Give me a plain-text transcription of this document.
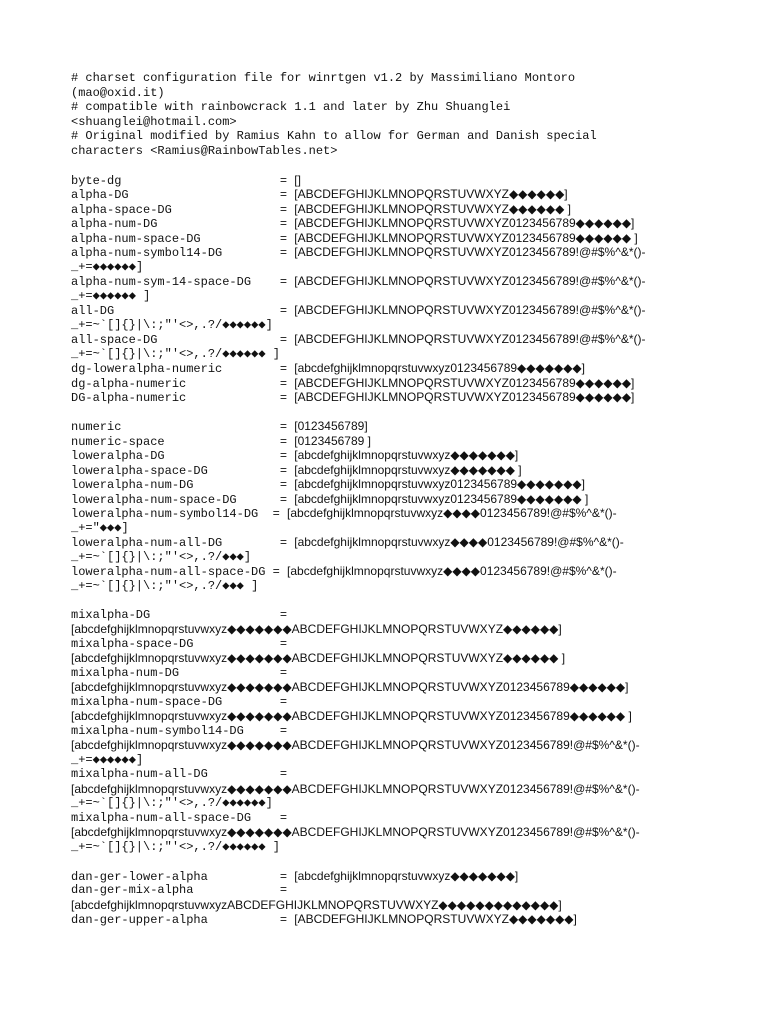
# charset configuration file for winrtgen v1.2 by Massimiliano Montoro
(mao@oxid.it)
# compatible with rainbowcrack 1.1 and later by Zhu Shuanglei
<shuanglei@hotmail.com>
# Original modified by Ramius Kahn to allow for German and Danish special
characters <Ramius@RainbowTables.net>
byte-dg                      = []
alpha-DG                     = [ABCDEFGHIJKLMNOPQRSTUVWXYZ◆◆◆◆◆◆]
alpha-space-DG               = [ABCDEFGHIJKLMNOPQRSTUVWXYZ◆◆◆◆◆◆ ]
alpha-num-DG                 = [ABCDEFGHIJKLMNOPQRSTUVWXYZ0123456789◆◆◆◆◆◆]
alpha-num-space-DG           = [ABCDEFGHIJKLMNOPQRSTUVWXYZ0123456789◆◆◆◆◆◆ ]
alpha-num-symbol14-DG        = [ABCDEFGHIJKLMNOPQRSTUVWXYZ0123456789!@#$%^&*()-
_+=◆◆◆◆◆◆]
alpha-num-sym-14-space-DG    = [ABCDEFGHIJKLMNOPQRSTUVWXYZ0123456789!@#$%^&*()-
_+=◆◆◆◆◆◆ ]
all-DG                       = [ABCDEFGHIJKLMNOPQRSTUVWXYZ0123456789!@#$%^&*()-
_+=~`[]{}|\:;"'<>,.?/◆◆◆◆◆◆]
all-space-DG                 = [ABCDEFGHIJKLMNOPQRSTUVWXYZ0123456789!@#$%^&*()-
_+=~`[]{}|\:;"'<>,.?/◆◆◆◆◆◆ ]
dg-loweralpha-numeric        = [abcdefghijklmnopqrstuvwxyz0123456789◆◆◆◆◆◆◆]
dg-alpha-numeric             = [ABCDEFGHIJKLMNOPQRSTUVWXYZ0123456789◆◆◆◆◆◆]
DG-alpha-numeric             = [ABCDEFGHIJKLMNOPQRSTUVWXYZ0123456789◆◆◆◆◆◆]
numeric                      = [0123456789]
numeric-space                = [0123456789 ]
loweralpha-DG                = [abcdefghijklmnopqrstuvwxyz◆◆◆◆◆◆◆]
loweralpha-space-DG          = [abcdefghijklmnopqrstuvwxyz◆◆◆◆◆◆◆ ]
loweralpha-num-DG            = [abcdefghijklmnopqrstuvwxyz0123456789◆◆◆◆◆◆◆]
loweralpha-num-space-DG      = [abcdefghijklmnopqrstuvwxyz0123456789◆◆◆◆◆◆◆ ]
loweralpha-num-symbol14-DG  = [abcdefghijklmnopqrstuvwxyz◆◆◆◆0123456789!@#$%^&*()-
_+="◆◆◆]
loweralpha-num-all-DG        = [abcdefghijklmnopqrstuvwxyz◆◆◆◆0123456789!@#$%^&*()-
_+=~`[]{}|\:;"'<>,.?/◆◆◆]
loweralpha-num-all-space-DG = [abcdefghijklmnopqrstuvwxyz◆◆◆◆0123456789!@#$%^&*()-
_+=~`[]{}|\:;"'<>,.?/◆◆◆ ]
mixalpha-DG                  =
[abcdefghijklmnopqrstuvwxyz◆◆◆◆◆◆◆ABCDEFGHIJKLMNOPQRSTUVWXYZ◆◆◆◆◆◆]
mixalpha-space-DG            =
[abcdefghijklmnopqrstuvwxyz◆◆◆◆◆◆◆ABCDEFGHIJKLMNOPQRSTUVWXYZ◆◆◆◆◆◆ ]
mixalpha-num-DG              =
[abcdefghijklmnopqrstuvwxyz◆◆◆◆◆◆◆ABCDEFGHIJKLMNOPQRSTUVWXYZ0123456789◆◆◆◆◆◆]
mixalpha-num-space-DG        =
[abcdefghijklmnopqrstuvwxyz◆◆◆◆◆◆◆ABCDEFGHIJKLMNOPQRSTUVWXYZ0123456789◆◆◆◆◆◆ ]
mixalpha-num-symbol14-DG     =
[abcdefghijklmnopqrstuvwxyz◆◆◆◆◆◆◆ABCDEFGHIJKLMNOPQRSTUVWXYZ0123456789!@#$%^&*()-
_+=◆◆◆◆◆◆]
mixalpha-num-all-DG          =
[abcdefghijklmnopqrstuvwxyz◆◆◆◆◆◆◆ABCDEFGHIJKLMNOPQRSTUVWXYZ0123456789!@#$%^&*()-
_+=~`[]{}|\:;"'<>,.?/◆◆◆◆◆◆]
mixalpha-num-all-space-DG    =
[abcdefghijklmnopqrstuvwxyz◆◆◆◆◆◆◆ABCDEFGHIJKLMNOPQRSTUVWXYZ0123456789!@#$%^&*()-
_+=~`[]{}|\:;"'<>,.?/◆◆◆◆◆◆ ]
dan-ger-lower-alpha          = [abcdefghijklmnopqrstuvwxyz◆◆◆◆◆◆◆]
dan-ger-mix-alpha            =
[abcdefghijklmnopqrstuvwxyzABCDEFGHIJKLMNOPQRSTUVWXYZ◆◆◆◆◆◆◆◆◆◆◆◆◆]
dan-ger-upper-alpha          = [ABCDEFGHIJKLMNOPQRSTUVWXYZ◆◆◆◆◆◆◆]
